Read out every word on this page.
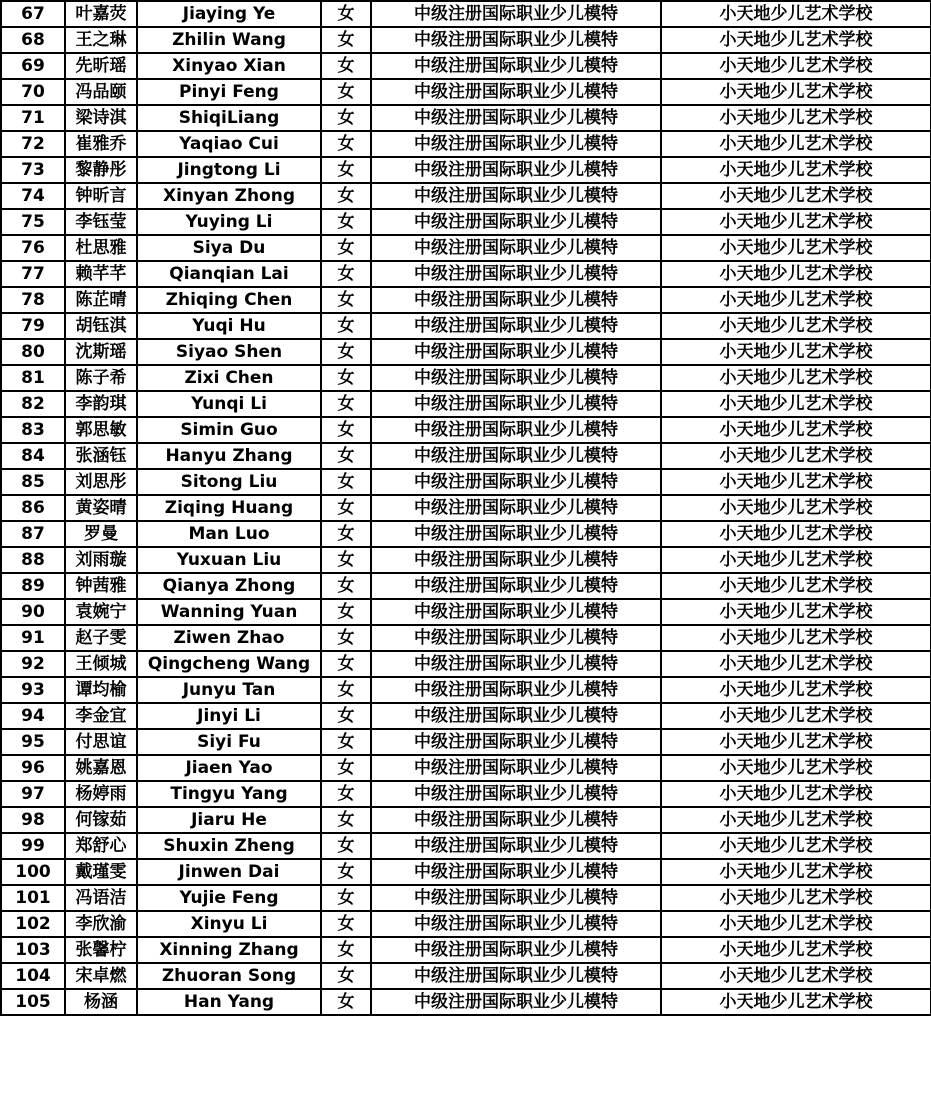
67	叶嘉荧	Jiaying Ye	女	中级注册国际职业少儿模特	小天地少儿艺术学校
68	王之琳	Zhilin Wang	女	中级注册国际职业少儿模特	小天地少儿艺术学校
69	先昕瑶	Xinyao Xian	女	中级注册国际职业少儿模特	小天地少儿艺术学校
70	冯品颐	Pinyi Feng	女	中级注册国际职业少儿模特	小天地少儿艺术学校
71	梁诗淇	ShiqiLiang	女	中级注册国际职业少儿模特	小天地少儿艺术学校
72	崔雅乔	Yaqiao Cui	女	中级注册国际职业少儿模特	小天地少儿艺术学校
73	黎静彤	Jingtong Li	女	中级注册国际职业少儿模特	小天地少儿艺术学校
74	钟昕言	Xinyan Zhong	女	中级注册国际职业少儿模特	小天地少儿艺术学校
75	李钰莹	Yuying Li	女	中级注册国际职业少儿模特	小天地少儿艺术学校
76	杜思雅	Siya Du	女	中级注册国际职业少儿模特	小天地少儿艺术学校
77	赖芊芊	Qianqian Lai	女	中级注册国际职业少儿模特	小天地少儿艺术学校
78	陈芷晴	Zhiqing Chen	女	中级注册国际职业少儿模特	小天地少儿艺术学校
79	胡钰淇	Yuqi Hu	女	中级注册国际职业少儿模特	小天地少儿艺术学校
80	沈斯瑶	Siyao Shen	女	中级注册国际职业少儿模特	小天地少儿艺术学校
81	陈子希	Zixi Chen	女	中级注册国际职业少儿模特	小天地少儿艺术学校
82	李韵琪	Yunqi Li	女	中级注册国际职业少儿模特	小天地少儿艺术学校
83	郭思敏	Simin Guo	女	中级注册国际职业少儿模特	小天地少儿艺术学校
84	张涵钰	Hanyu Zhang	女	中级注册国际职业少儿模特	小天地少儿艺术学校
85	刘思彤	Sitong Liu	女	中级注册国际职业少儿模特	小天地少儿艺术学校
86	黄姿晴	Ziqing Huang	女	中级注册国际职业少儿模特	小天地少儿艺术学校
87	罗曼	Man Luo	女	中级注册国际职业少儿模特	小天地少儿艺术学校
88	刘雨璇	Yuxuan Liu	女	中级注册国际职业少儿模特	小天地少儿艺术学校
89	钟茜雅	Qianya Zhong	女	中级注册国际职业少儿模特	小天地少儿艺术学校
90	袁婉宁	Wanning Yuan	女	中级注册国际职业少儿模特	小天地少儿艺术学校
91	赵子雯	Ziwen Zhao	女	中级注册国际职业少儿模特	小天地少儿艺术学校
92	王倾城	Qingcheng Wang	女	中级注册国际职业少儿模特	小天地少儿艺术学校
93	谭均榆	Junyu Tan	女	中级注册国际职业少儿模特	小天地少儿艺术学校
94	李金宜	Jinyi Li	女	中级注册国际职业少儿模特	小天地少儿艺术学校
95	付思谊	Siyi Fu	女	中级注册国际职业少儿模特	小天地少儿艺术学校
96	姚嘉恩	Jiaen Yao	女	中级注册国际职业少儿模特	小天地少儿艺术学校
97	杨婷雨	Tingyu Yang	女	中级注册国际职业少儿模特	小天地少儿艺术学校
98	何镓茹	Jiaru He	女	中级注册国际职业少儿模特	小天地少儿艺术学校
99	郑舒心	Shuxin Zheng	女	中级注册国际职业少儿模特	小天地少儿艺术学校
100	戴瑾雯	Jinwen Dai	女	中级注册国际职业少儿模特	小天地少儿艺术学校
101	冯语洁	Yujie Feng	女	中级注册国际职业少儿模特	小天地少儿艺术学校
102	李欣渝	Xinyu Li	女	中级注册国际职业少儿模特	小天地少儿艺术学校
103	张馨柠	Xinning Zhang	女	中级注册国际职业少儿模特	小天地少儿艺术学校
104	宋卓燃	Zhuoran Song	女	中级注册国际职业少儿模特	小天地少儿艺术学校
105	杨涵	Han Yang	女	中级注册国际职业少儿模特	小天地少儿艺术学校
